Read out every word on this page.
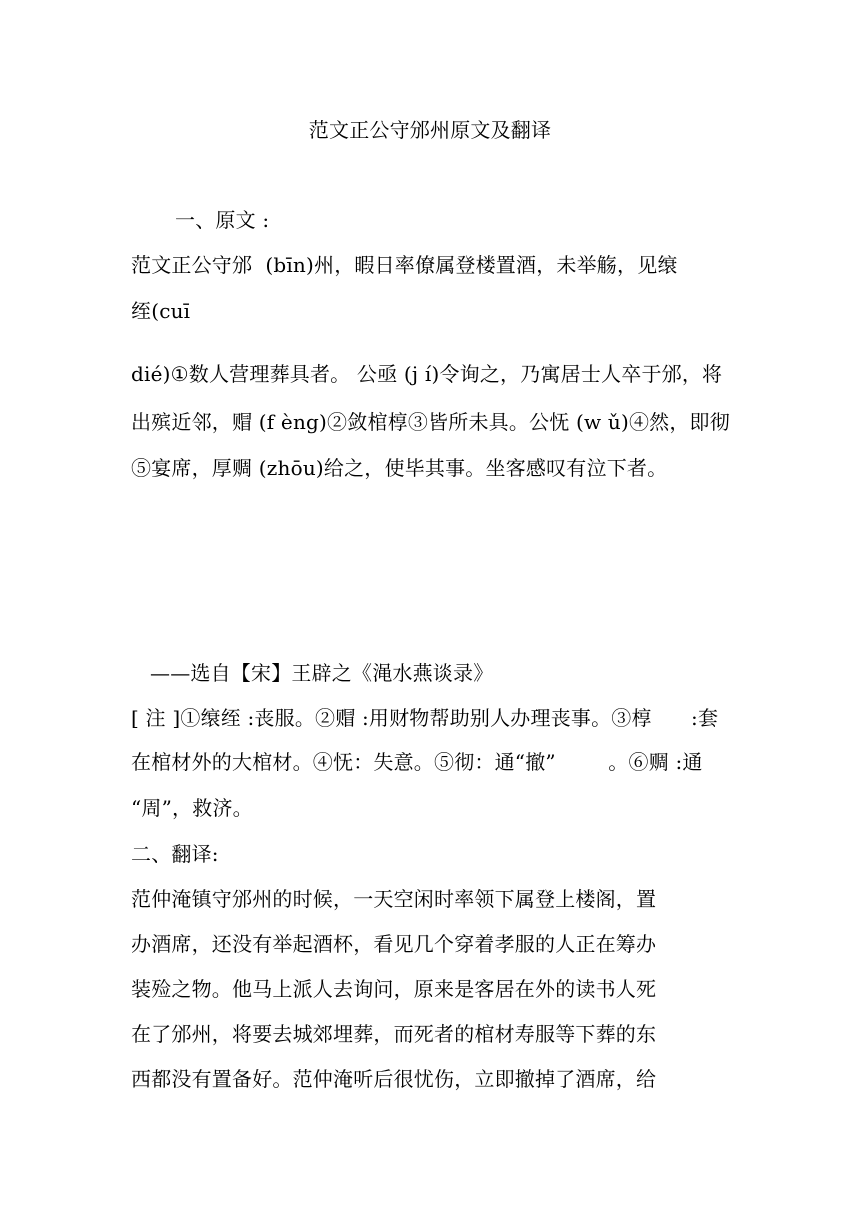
范文正公守邠州原文及翻译

一、原文 :

范文正公守邠  (bīn)州，暇日率僚属登楼置酒，未举觞，见缞

绖(cuī

dié)①数人营理葬具者。 公亟 (j í)令询之，乃寓居士人卒于邠，将

出殡近邻，赗 (f èng)②敛棺椁③皆所未具。公怃 (w ǔ)④然，即彻

⑤宴席，厚赒 (zhōu)给之，使毕其事。坐客感叹有泣下者。

——选自【宋】王辟之《渑水燕谈录》

[ 注 ]①缞绖 :丧服。②赗 :用财物帮助别人办理丧事。③椁      :套

在棺材外的大棺材。④怃：失意。⑤彻：通“撤”        。⑥赒 :通

“周”，救济。

二、翻译:

范仲淹镇守邠州的时候，一天空闲时率领下属登上楼阁，置

办酒席，还没有举起酒杯，看见几个穿着孝服的人正在筹办

装殓之物。他马上派人去询问，原来是客居在外的读书人死

在了邠州，将要去城郊埋葬，而死者的棺材寿服等下葬的东

西都没有置备好。范仲淹听后很忧伤，立即撤掉了酒席，给
